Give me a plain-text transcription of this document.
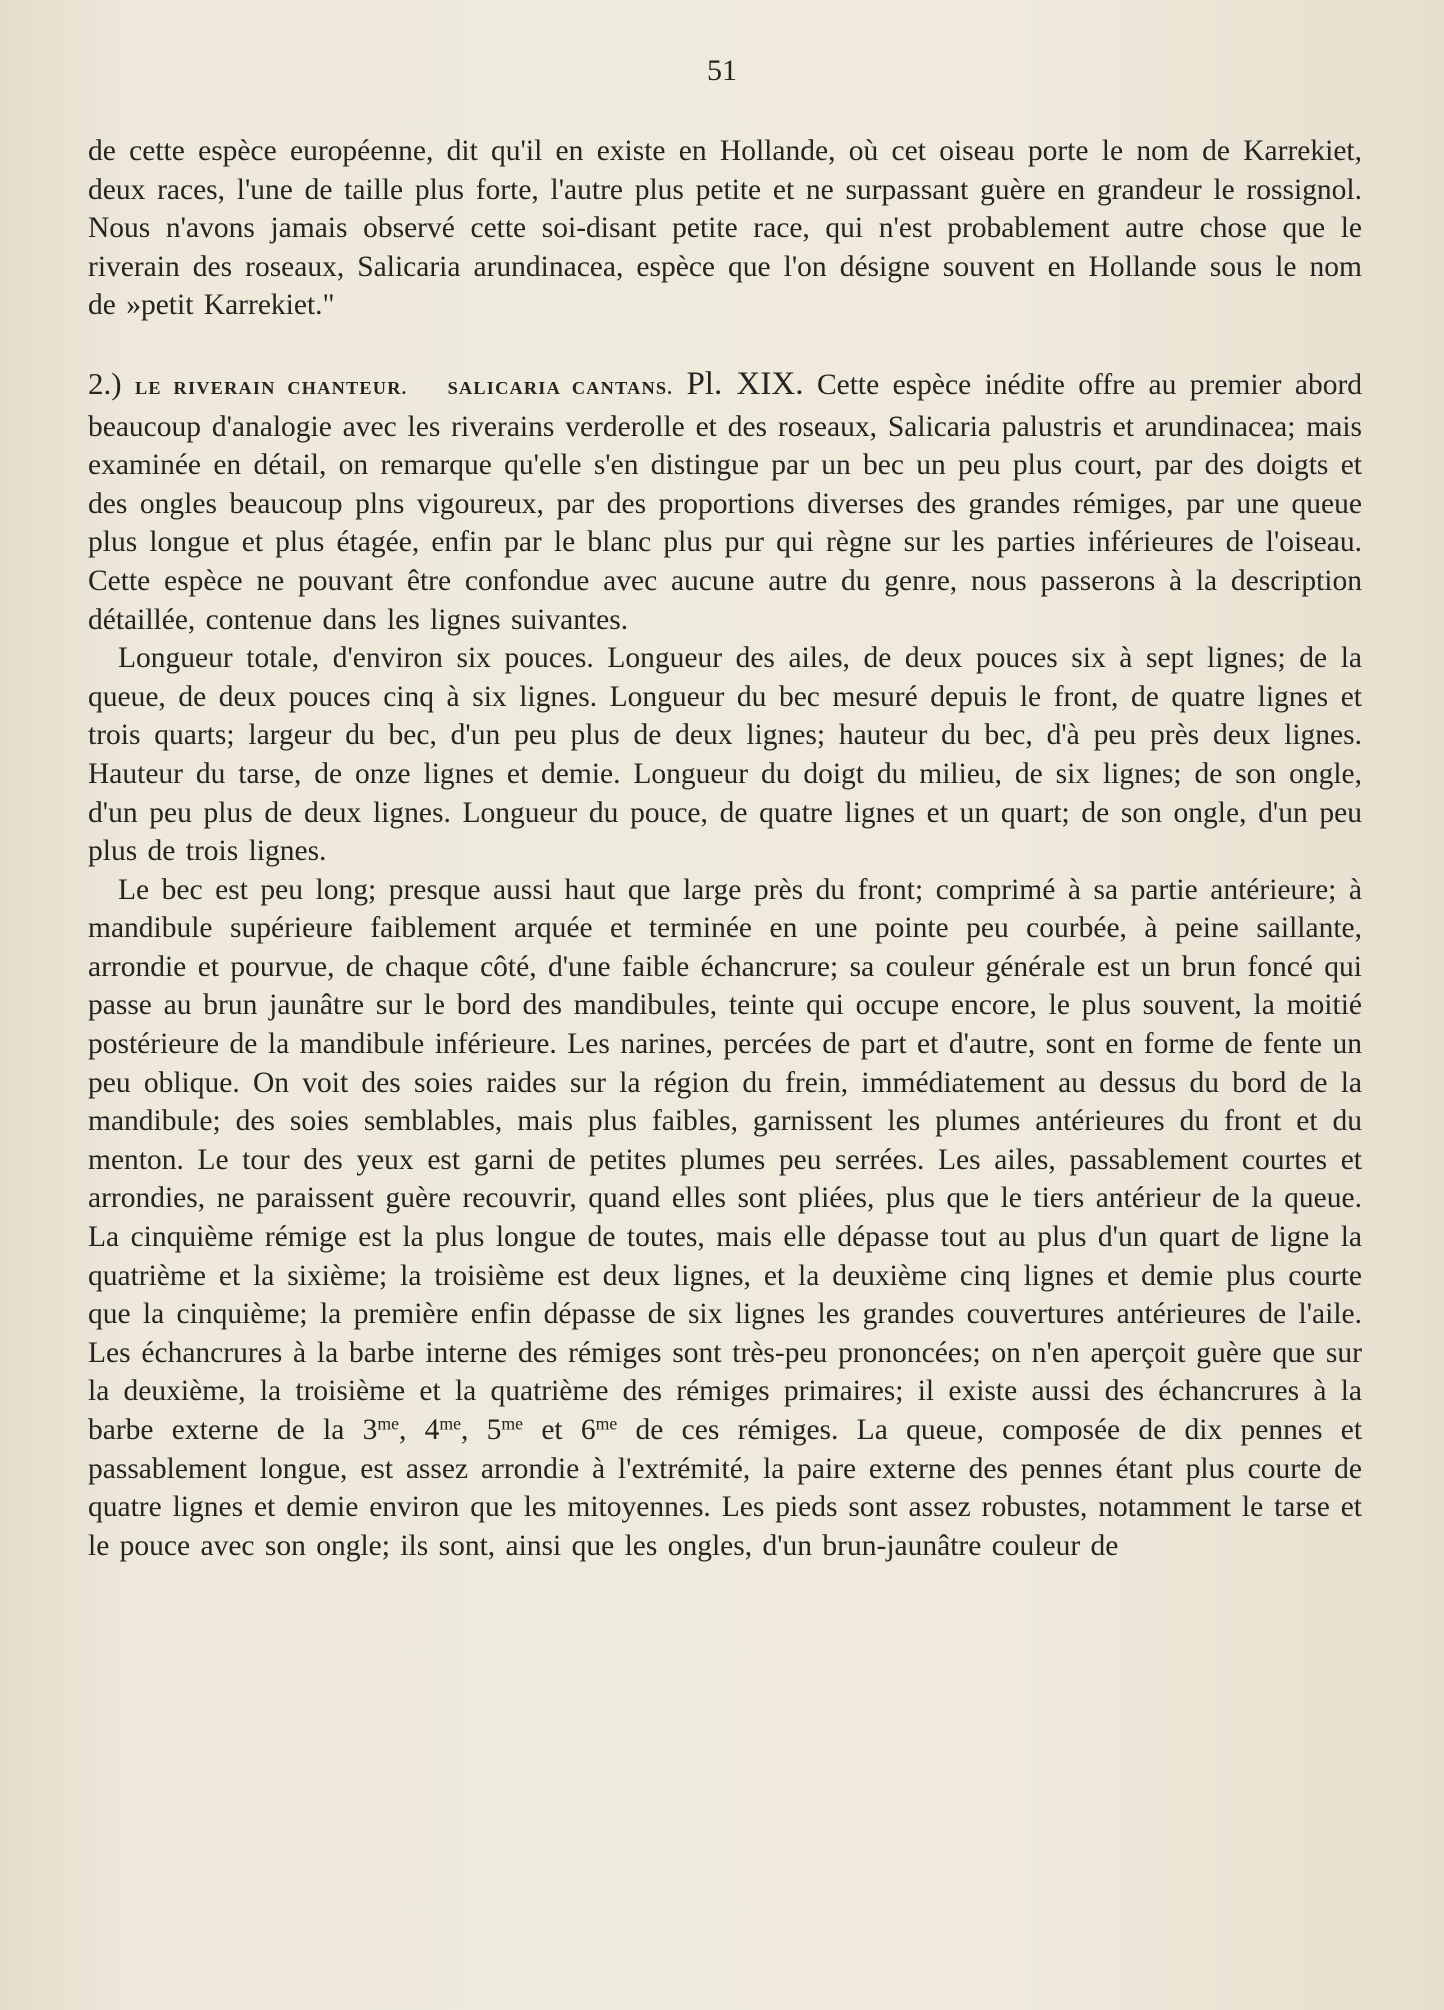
51

de cette espèce européenne, dit qu'il en existe en Hollande, où cet oiseau porte le nom de Karrekiet, deux races, l'une de taille plus forte, l'autre plus petite et ne surpassant guère en grandeur le rossignol. Nous n'avons jamais observé cette soi-disant petite race, qui n'est probablement autre chose que le riverain des roseaux, Salicaria arundinacea, espèce que l'on désigne souvent en Hollande sous le nom de »petit Karrekiet."

2.) LE RIVERAIN CHANTEUR. SALICARIA CANTANS. Pl. XIX. Cette espèce inédite offre au premier abord beaucoup d'analogie avec les riverains verderolle et des roseaux, Salicaria palustris et arundinacea; mais examinée en détail, on remarque qu'elle s'en distingue par un bec un peu plus court, par des doigts et des ongles beaucoup plns vigoureux, par des proportions diverses des grandes rémiges, par une queue plus longue et plus étagée, enfin par le blanc plus pur qui règne sur les parties inférieures de l'oiseau. Cette espèce ne pouvant être confondue avec aucune autre du genre, nous passerons à la description détaillée, contenue dans les lignes suivantes.

Longueur totale, d'environ six pouces. Longueur des ailes, de deux pouces six à sept lignes; de la queue, de deux pouces cinq à six lignes. Longueur du bec mesuré depuis le front, de quatre lignes et trois quarts; largeur du bec, d'un peu plus de deux lignes; hauteur du bec, d'à peu près deux lignes. Hauteur du tarse, de onze lignes et demie. Longueur du doigt du milieu, de six lignes; de son ongle, d'un peu plus de deux lignes. Longueur du pouce, de quatre lignes et un quart; de son ongle, d'un peu plus de trois lignes.

Le bec est peu long; presque aussi haut que large près du front; comprimé à sa partie antérieure; à mandibule supérieure faiblement arquée et terminée en une pointe peu courbée, à peine saillante, arrondie et pourvue, de chaque côté, d'une faible échancrure; sa couleur générale est un brun foncé qui passe au brun jaunâtre sur le bord des mandibules, teinte qui occupe encore, le plus souvent, la moitié postérieure de la mandibule inférieure. Les narines, percées de part et d'autre, sont en forme de fente un peu oblique. On voit des soies raides sur la région du frein, immédiatement au dessus du bord de la mandibule; des soies semblables, mais plus faibles, garnissent les plumes antérieures du front et du menton. Le tour des yeux est garni de petites plumes peu serrées. Les ailes, passablement courtes et arrondies, ne paraissent guère recouvrir, quand elles sont pliées, plus que le tiers antérieur de la queue. La cinquième rémige est la plus longue de toutes, mais elle dépasse tout au plus d'un quart de ligne la quatrième et la sixième; la troisième est deux lignes, et la deuxième cinq lignes et demie plus courte que la cinquième; la première enfin dépasse de six lignes les grandes couvertures antérieures de l'aile. Les échancrures à la barbe interne des rémiges sont très-peu prononcées; on n'en aperçoit guère que sur la deuxième, la troisième et la quatrième des rémiges primaires; il existe aussi des échancrures à la barbe externe de la $3^{me}$, $4^{me}$, $5^{me}$ et $6^{me}$ de ces rémiges. La queue, composée de dix pennes et passablement longue, est assez arrondie à l'extrémité, la paire externe des pennes étant plus courte de quatre lignes et demie environ que les mitoyennes. Les pieds sont assez robustes, notamment le tarse et le pouce avec son ongle; ils sont, ainsi que les ongles, d'un brun-jaunâtre couleur de
